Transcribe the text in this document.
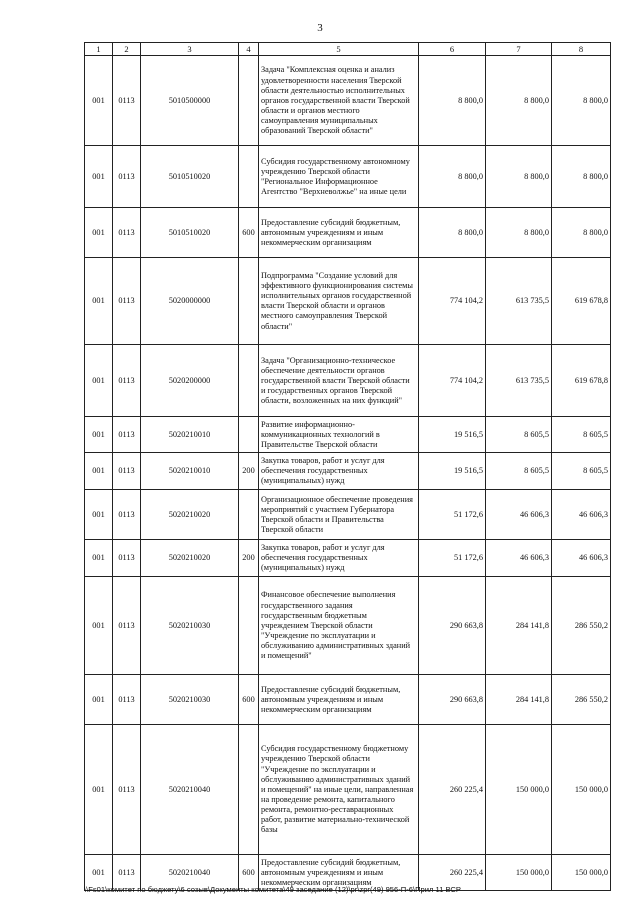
3
1	2	3	4	5	6	7	8
001	0113	5010500000		Задача "Комплексная оценка и анализ удовлетворенности населения Тверской области деятельностью исполнительных органов государственной власти Тверской области и органов местного самоуправления муниципальных образований Тверской области"	8 800,0	8 800,0	8 800,0
001	0113	5010510020		Субсидия государственному автономному учреждению Тверской области "Региональное Информационное Агентство "Верхневолжье" на иные цели	8 800,0	8 800,0	8 800,0
001	0113	5010510020	600	Предоставление субсидий бюджетным, автономным учреждениям и иным некоммерческим организациям	8 800,0	8 800,0	8 800,0
001	0113	5020000000		Подпрограмма "Создание условий для эффективного функционирования системы исполнительных органов государственной власти Тверской области и органов местного самоуправления Тверской области"	774 104,2	613 735,5	619 678,8
001	0113	5020200000		Задача "Организационно-техническое обеспечение деятельности органов государственной власти Тверской области и государственных органов Тверской области, возложенных на них функций"	774 104,2	613 735,5	619 678,8
001	0113	5020210010		Развитие информационно-коммуникационных технологий в Правительстве Тверской области	19 516,5	8 605,5	8 605,5
001	0113	5020210010	200	Закупка товаров, работ и услуг для обеспечения государственных (муниципальных) нужд	19 516,5	8 605,5	8 605,5
001	0113	5020210020		Организационное обеспечение проведения мероприятий с участием Губернатора Тверской области и Правительства Тверской области	51 172,6	46 606,3	46 606,3
001	0113	5020210020	200	Закупка товаров, работ и услуг для обеспечения государственных (муниципальных) нужд	51 172,6	46 606,3	46 606,3
001	0113	5020210030		Финансовое обеспечение выполнения государственного задания государственным бюджетным учреждением Тверской области "Учреждение по эксплуатации и обслуживанию административных зданий и помещений"	290 663,8	284 141,8	286 550,2
001	0113	5020210030	600	Предоставление субсидий бюджетным, автономным учреждениям и иным некоммерческим организациям	290 663,8	284 141,8	286 550,2
001	0113	5020210040		Субсидия государственному бюджетному учреждению Тверской области "Учреждение по эксплуатации и обслуживанию административных зданий и помещений" на иные цели, направленная на проведение ремонта, капитального ремонта, ремонтно-реставрационных работ, развитие материально-технической базы	260 225,4	150 000,0	150 000,0
001	0113	5020210040	600	Предоставление субсидий бюджетным, автономным учреждениям и иным некоммерческим организациям	260 225,4	150 000,0	150 000,0
\\Fs01\комитет по бюджету\6 созыв\Документы комитета\49 заседание (12)\pr\zpr(49) 956-П-6\Прил 11 ВСР
